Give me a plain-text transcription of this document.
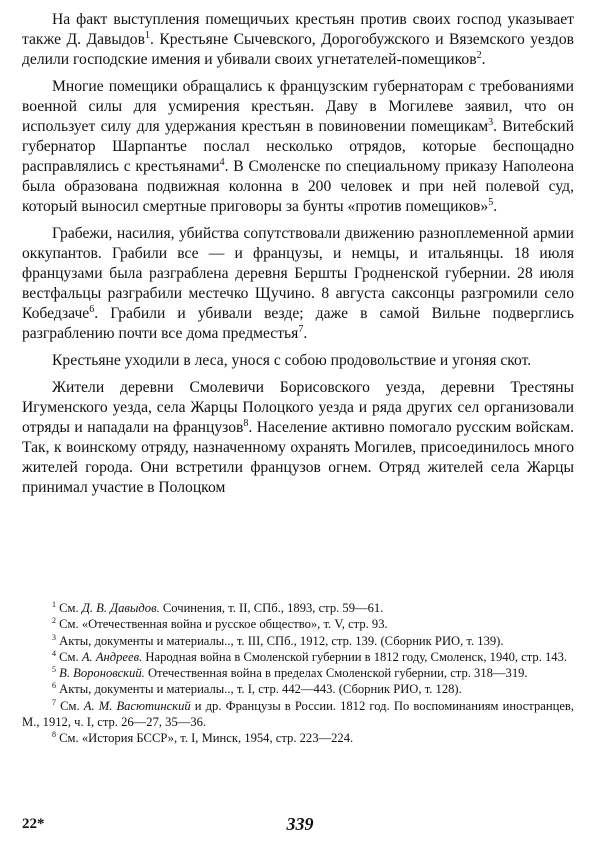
На факт выступления помещичьих крестьян против своих господ указывает также Д. Давыдов$^1$. Крестьяне Сычевского, Дорогобужского и Вяземского уездов делили господские имения и убивали своих угнетателей-помещиков$^2$.

Многие помещики обращались к французским губернаторам с требованиями военной силы для усмирения крестьян. Даву в Могилеве заявил, что он использует силу для удержания крестьян в повиновении помещикам$^3$. Витебский губернатор Шарпантье послал несколько отрядов, которые беспощадно расправлялись с крестьянами$^4$. В Смоленске по специальному приказу Наполеона была образована подвижная колонна в 200 человек и при ней полевой суд, который выносил смертные приговоры за бунты «против помещиков»$^5$.

Грабежи, насилия, убийства сопутствовали движению разноплеменной армии оккупантов. Грабили все — и французы, и немцы, и итальянцы. 18 июля французами была разграблена деревня Бершты Гродненской губернии. 28 июля вестфальцы разграбили местечко Щучино. 8 августа саксонцы разгромили село Кобедзаче$^6$. Грабили и убивали везде; даже в самой Вильне подверглись разграблению почти все дома предместья$^7$.

Крестьяне уходили в леса, унося с собою продовольствие и угоняя скот.

Жители деревни Смолевичи Борисовского уезда, деревни Трестяны Игуменского уезда, села Жарцы Полоцкого уезда и ряда других сел организовали отряды и нападали на французов$^8$. Население активно помогало русским войскам. Так, к воинскому отряду, назначенному охранять Могилев, присоединилось много жителей города. Они встретили французов огнем. Отряд жителей села Жарцы принимал участие в Полоцком

$^1$ См. Д. В. Давыдов. Сочинения, т. II, СПб., 1893, стр. 59—61.

$^2$ См. «Отечественная война и русское общество», т. V, стр. 93.

$^3$ Акты, документы и материалы.., т. III, СПб., 1912, стр. 139. (Сборник РИО, т. 139).

$^4$ См. А. Андреев. Народная война в Смоленской губернии в 1812 году, Смоленск, 1940, стр. 143.

$^5$ В. Вороновский. Отечественная война в пределах Смоленской губернии, стр. 318—319.

$^6$ Акты, документы и материалы.., т. I, стр. 442—443. (Сборник РИО, т. 128).

$^7$ См. А. М. Васютинский и др. Французы в России. 1812 год. По воспоминаниям иностранцев, М., 1912, ч. I, стр. 26—27, 35—36.

$^8$ См. «История БССР», т. I, Минск, 1954, стр. 223—224.

22*	339
